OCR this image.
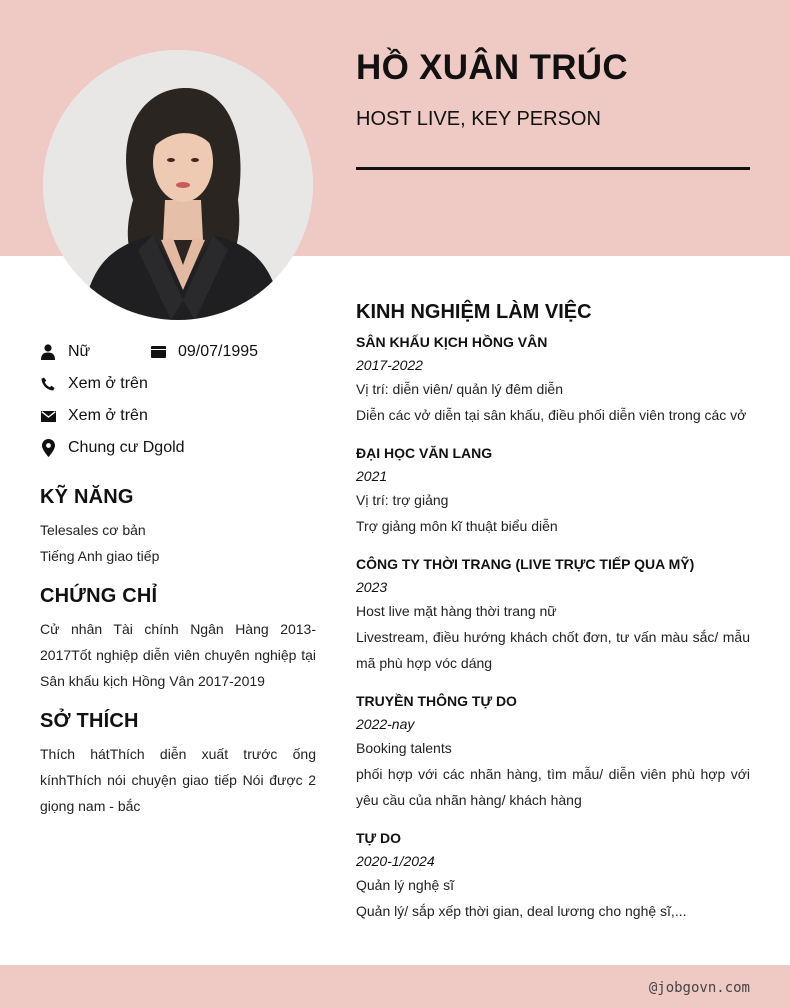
HỒ XUÂN TRÚC
HOST LIVE, KEY PERSON
Nữ	09/07/1995
Xem ở trên
Xem ở trên
Chung cư Dgold
KỸ NĂNG
Telesales cơ bản
Tiếng Anh giao tiếp
CHỨNG CHỈ
Cử nhân Tài chính Ngân Hàng 2013-2017Tốt nghiệp diễn viên chuyên nghiệp tại Sân khấu kịch Hồng Vân 2017-2019
SỞ THÍCH
Thích hátThích diễn xuất trước ống kínhThích nói chuyện giao tiếp Nói được 2 giọng nam - bắc
KINH NGHIỆM LÀM VIỆC
SÂN KHẤU KỊCH HỒNG VÂN
2017-2022
Vị trí: diễn viên/ quản lý đêm diễn
Diễn các vở diễn tại sân khấu, điều phối diễn viên trong các vở
ĐẠI HỌC VĂN LANG
2021
Vị trí: trợ giảng
Trợ giảng môn kĩ thuật biểu diễn
CÔNG TY THỜI TRANG (LIVE TRỰC TIẾP QUA MỸ)
2023
Host live mặt hàng thời trang nữ
Livestream, điều hướng khách chốt đơn, tư vấn màu sắc/ mẫu mã phù hợp vóc dáng
TRUYỀN THÔNG TỰ DO
2022-nay
Booking talents
phối hợp với các nhãn hàng, tìm mẫu/ diễn viên phù hợp với yêu cầu của nhãn hàng/ khách hàng
TỰ DO
2020-1/2024
Quản lý nghệ sĩ
Quản lý/ sắp xếp thời gian, deal lương cho nghệ sĩ,...
@jobgovn.com
